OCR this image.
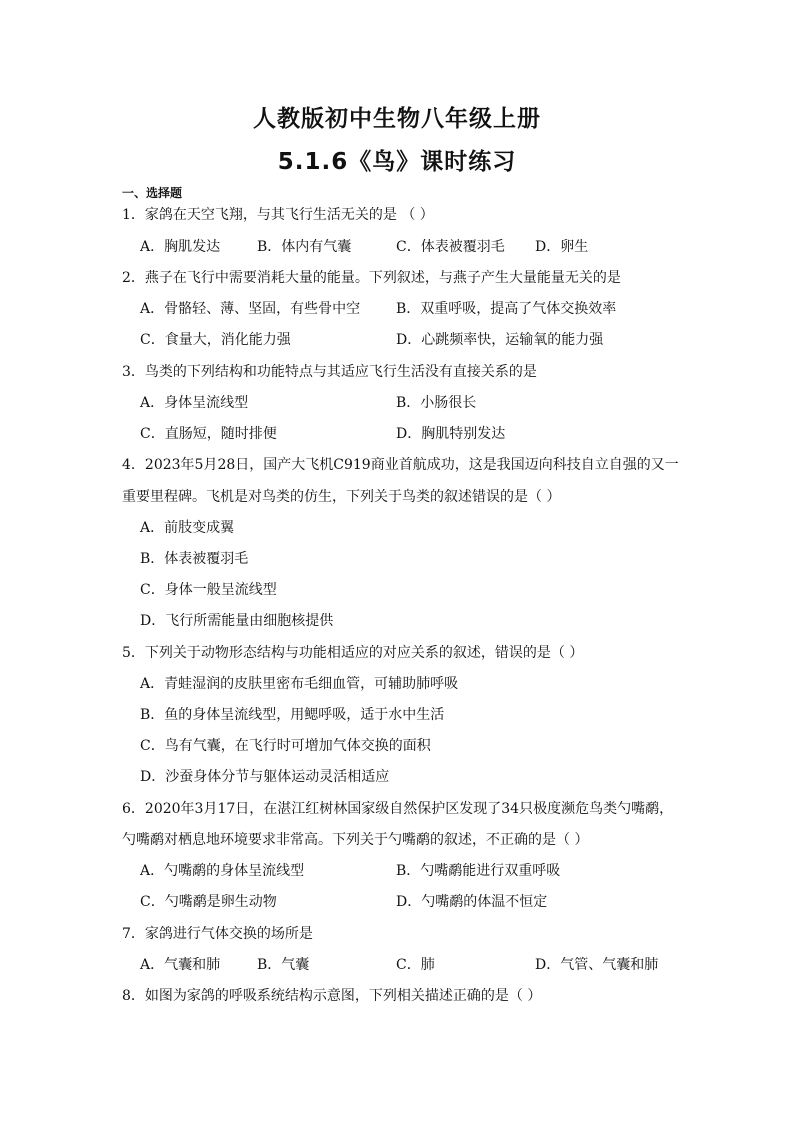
人教版初中生物八年级上册
5.1.6《鸟》课时练习
一、选择题
1．家鸽在天空飞翔，与其飞行生活无关的是 （ ）
A．胸肌发达	B．体内有气囊	C．体表被覆羽毛 D．卵生
2．燕子在飞行中需要消耗大量的能量。下列叙述，与燕子产生大量能量无关的是
A．骨骼轻、薄、坚固，有些骨中空	B．双重呼吸，提高了气体交换效率
C．食量大，消化能力强	D．心跳频率快，运输氧的能力强
3．鸟类的下列结构和功能特点与其适应飞行生活没有直接关系的是
A．身体呈流线型	B．小肠很长
C．直肠短，随时排便	D．胸肌特别发达
4．2023年5月28日，国产大飞机C919商业首航成功，这是我国迈向科技自立自强的又一
重要里程碑。飞机是对鸟类的仿生，下列关于鸟类的叙述错误的是（ ）
A．前肢变成翼
B．体表被覆羽毛
C．身体一般呈流线型
D．飞行所需能量由细胞核提供
5．下列关于动物形态结构与功能相适应的对应关系的叙述，错误的是（ ）
A．青蛙湿润的皮肤里密布毛细血管，可辅助肺呼吸
B．鱼的身体呈流线型，用鳃呼吸，适于水中生活
C．鸟有气囊，在飞行时可增加气体交换的面积
D．沙蚕身体分节与躯体运动灵活相适应
6．2020年3月17日，在湛江红树林国家级自然保护区发现了34只极度濒危鸟类勺嘴鹬，
勺嘴鹬对栖息地环境要求非常高。下列关于勺嘴鹬的叙述，不正确的是（ ）
A．勺嘴鹬的身体呈流线型	B．勺嘴鹬能进行双重呼吸
C．勺嘴鹬是卵生动物	D．勺嘴鹬的体温不恒定
7．家鸽进行气体交换的场所是
A．气囊和肺	B．气囊	C．肺	D．气管、气囊和肺
8．如图为家鸽的呼吸系统结构示意图，下列相关描述正确的是（ ）
